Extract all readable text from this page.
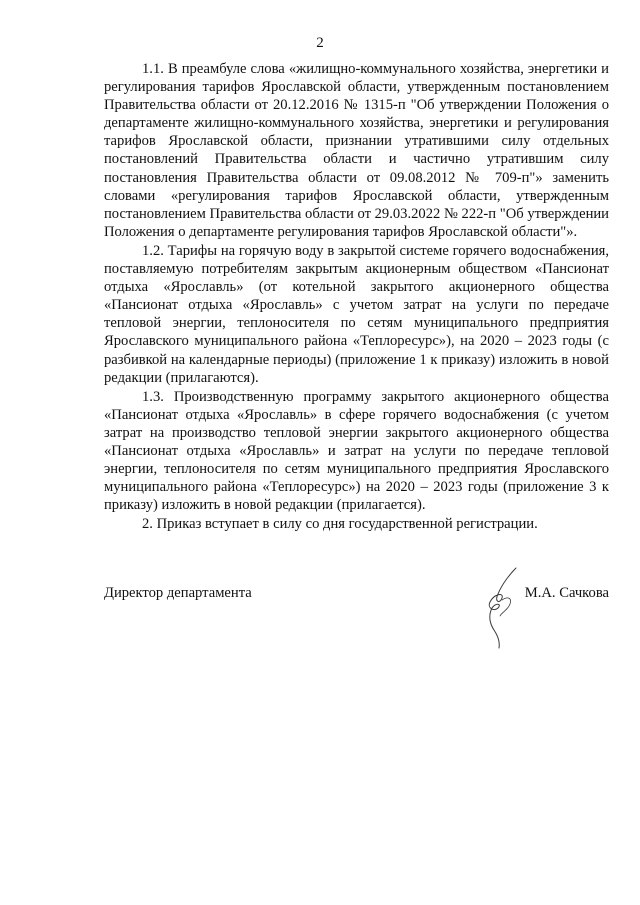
2

1.1. В преамбуле слова «жилищно-коммунального хозяйства, энергетики и регулирования тарифов Ярославской области, утвержденным постановлением Правительства области от 20.12.2016 № 1315-п "Об утверждении Положения о департаменте жилищно-коммунального хозяйства, энергетики и регулирования тарифов Ярославской области, признании утратившими силу отдельных постановлений Правительства области и частично утратившим силу постановления Правительства области от 09.08.2012 № 709-п"» заменить словами «регулирования тарифов Ярославской области, утвержденным постановлением Правительства области от 29.03.2022 № 222-п "Об утверждении Положения о департаменте регулирования тарифов Ярославской области"».

1.2. Тарифы на горячую воду в закрытой системе горячего водоснабжения, поставляемую потребителям закрытым акционерным обществом «Пансионат отдыха «Ярославль» (от котельной закрытого акционерного общества «Пансионат отдыха «Ярославль» с учетом затрат на услуги по передаче тепловой энергии, теплоносителя по сетям муниципального предприятия Ярославского муниципального района «Теплоресурс»), на 2020 – 2023 годы (с разбивкой на календарные периоды) (приложение 1 к приказу) изложить в новой редакции (прилагаются).

1.3. Производственную программу закрытого акционерного общества «Пансионат отдыха «Ярославль» в сфере горячего водоснабжения (с учетом затрат на производство тепловой энергии закрытого акционерного общества «Пансионат отдыха «Ярославль» и затрат на услуги по передаче тепловой энергии, теплоносителя по сетям муниципального предприятия Ярославского муниципального района «Теплоресурс») на 2020 – 2023 годы (приложение 3 к приказу) изложить в новой редакции (прилагается).

2. Приказ вступает в силу со дня государственной регистрации.

Директор департамента	М.А. Сачкова
